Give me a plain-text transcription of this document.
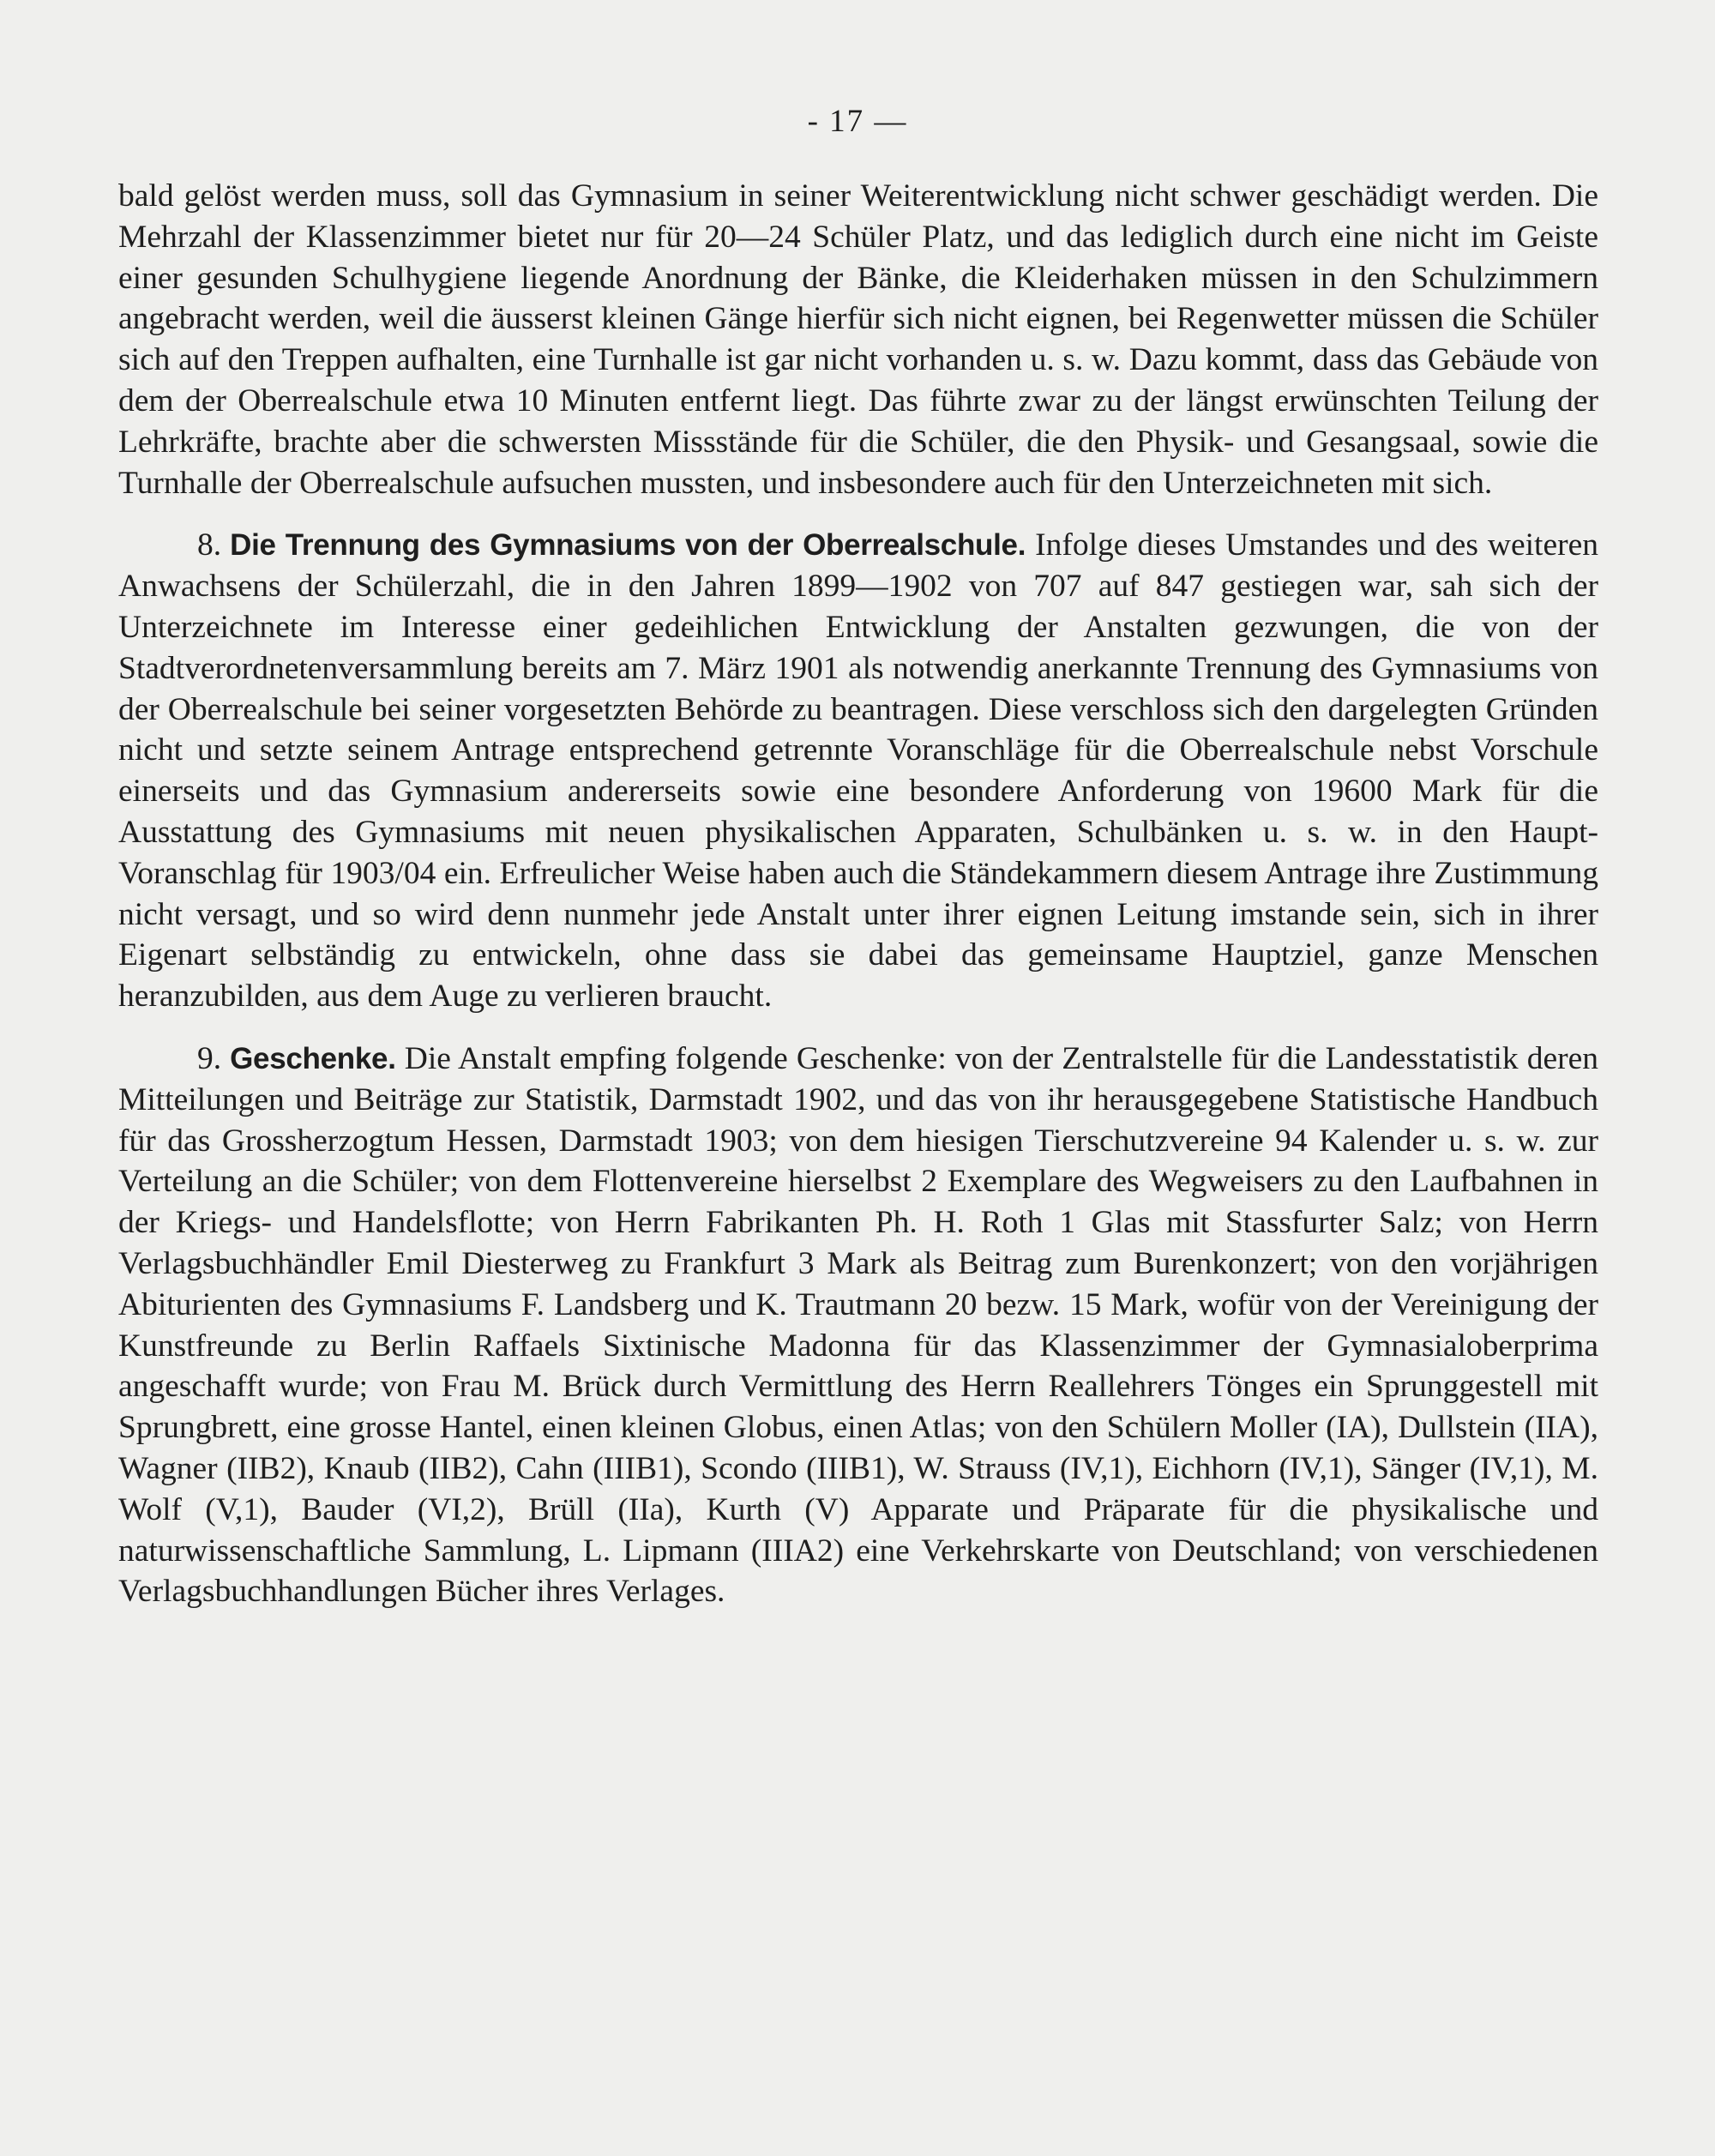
- 17 —

bald gelöst werden muss, soll das Gymnasium in seiner Weiterentwicklung nicht schwer geschädigt werden. Die Mehrzahl der Klassenzimmer bietet nur für 20—24 Schüler Platz, und das lediglich durch eine nicht im Geiste einer gesunden Schulhygiene liegende Anordnung der Bänke, die Kleiderhaken müssen in den Schulzimmern angebracht werden, weil die äusserst kleinen Gänge hierfür sich nicht eignen, bei Regenwetter müssen die Schüler sich auf den Treppen aufhalten, eine Turnhalle ist gar nicht vorhanden u. s. w. Dazu kommt, dass das Gebäude von dem der Oberrealschule etwa 10 Minuten entfernt liegt. Das führte zwar zu der längst erwünschten Teilung der Lehrkräfte, brachte aber die schwersten Missstände für die Schüler, die den Physik- und Gesangsaal, sowie die Turnhalle der Oberrealschule aufsuchen mussten, und insbesondere auch für den Unterzeichneten mit sich.

8. Die Trennung des Gymnasiums von der Oberrealschule. Infolge dieses Umstandes und des weiteren Anwachsens der Schülerzahl, die in den Jahren 1899—1902 von 707 auf 847 gestiegen war, sah sich der Unterzeichnete im Interesse einer gedeihlichen Entwicklung der Anstalten gezwungen, die von der Stadtverordnetenversammlung bereits am 7. März 1901 als notwendig anerkannte Trennung des Gymnasiums von der Oberrealschule bei seiner vorgesetzten Behörde zu beantragen. Diese verschloss sich den dargelegten Gründen nicht und setzte seinem Antrage entsprechend getrennte Voranschläge für die Oberrealschule nebst Vorschule einerseits und das Gymnasium andererseits sowie eine besondere Anforderung von 19600 Mark für die Ausstattung des Gymnasiums mit neuen physikalischen Apparaten, Schulbänken u. s. w. in den Haupt-Voranschlag für 1903/04 ein. Erfreulicher Weise haben auch die Ständekammern diesem Antrage ihre Zustimmung nicht versagt, und so wird denn nunmehr jede Anstalt unter ihrer eignen Leitung imstande sein, sich in ihrer Eigenart selbständig zu entwickeln, ohne dass sie dabei das gemeinsame Hauptziel, ganze Menschen heranzubilden, aus dem Auge zu verlieren braucht.

9. Geschenke. Die Anstalt empfing folgende Geschenke: von der Zentralstelle für die Landesstatistik deren Mitteilungen und Beiträge zur Statistik, Darmstadt 1902, und das von ihr herausgegebene Statistische Handbuch für das Grossherzogtum Hessen, Darmstadt 1903; von dem hiesigen Tierschutzvereine 94 Kalender u. s. w. zur Verteilung an die Schüler; von dem Flottenvereine hierselbst 2 Exemplare des Wegweisers zu den Laufbahnen in der Kriegs- und Handelsflotte; von Herrn Fabrikanten Ph. H. Roth 1 Glas mit Stassfurter Salz; von Herrn Verlagsbuchhändler Emil Diesterweg zu Frankfurt 3 Mark als Beitrag zum Burenkonzert; von den vorjährigen Abiturienten des Gymnasiums F. Landsberg und K. Trautmann 20 bezw. 15 Mark, wofür von der Vereinigung der Kunstfreunde zu Berlin Raffaels Sixtinische Madonna für das Klassenzimmer der Gymnasialoberprima angeschafft wurde; von Frau M. Brück durch Vermittlung des Herrn Reallehrers Tönges ein Sprunggestell mit Sprungbrett, eine grosse Hantel, einen kleinen Globus, einen Atlas; von den Schülern Moller (IA), Dullstein (IIA), Wagner (IIB2), Knaub (IIB2), Cahn (IIIB1), Scondo (IIIB1), W. Strauss (IV,1), Eichhorn (IV,1), Sänger (IV,1), M. Wolf (V,1), Bauder (VI,2), Brüll (IIa), Kurth (V) Apparate und Präparate für die physikalische und naturwissenschaftliche Sammlung, L. Lipmann (IIIA2) eine Verkehrskarte von Deutschland; von verschiedenen Verlagsbuchhandlungen Bücher ihres Verlages.
